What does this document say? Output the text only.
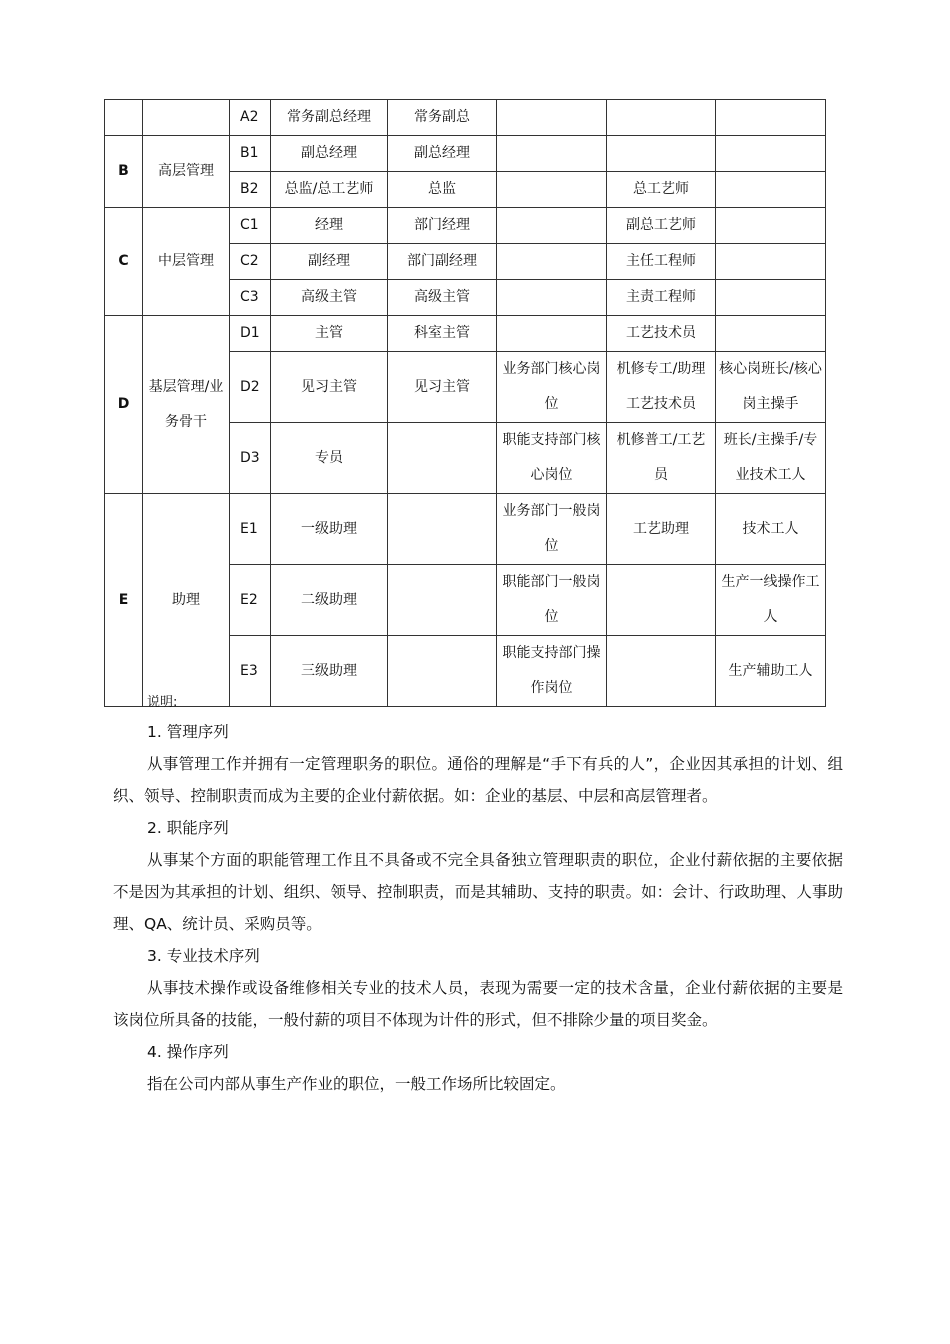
		A2	常务副总经理	常务副总			
B	高层管理	B1	副总经理	副总经理			
		B2	总监/总工艺师	总监		总工艺师	
C	中层管理	C1	经理	部门经理		副总工艺师	
		C2	副经理	部门副经理		主任工程师	
		C3	高级主管	高级主管		主责工程师	
D	基层管理/业务骨干	D1	主管	科室主管		工艺技术员	
		D2	见习主管	见习主管	业务部门核心岗位	机修专工/助理工艺技术员	核心岗班长/核心岗主操手
		D3	专员		职能支持部门核心岗位	机修普工/工艺员	班长/主操手/专业技术工人
E	助理	E1	一级助理		业务部门一般岗位	工艺助理	技术工人
		E2	二级助理		职能部门一般岗位		生产一线操作工人
		E3	三级助理		职能支持部门操作岗位		生产辅助工人
说明:
1. 管理序列

从事管理工作并拥有一定管理职务的职位。通俗的理解是“手下有兵的人”，企业因其承担的计划、组织、领导、控制职责而成为主要的企业付薪依据。如：企业的基层、中层和高层管理者。

2. 职能序列

从事某个方面的职能管理工作且不具备或不完全具备独立管理职责的职位，企业付薪依据的主要依据不是因为其承担的计划、组织、领导、控制职责，而是其辅助、支持的职责。如：会计、行政助理、人事助理、QA、统计员、采购员等。

3. 专业技术序列

从事技术操作或设备维修相关专业的技术人员，表现为需要一定的技术含量，企业付薪依据的主要是该岗位所具备的技能，一般付薪的项目不体现为计件的形式，但不排除少量的项目奖金。

4. 操作序列

指在公司内部从事生产作业的职位，一般工作场所比较固定。
